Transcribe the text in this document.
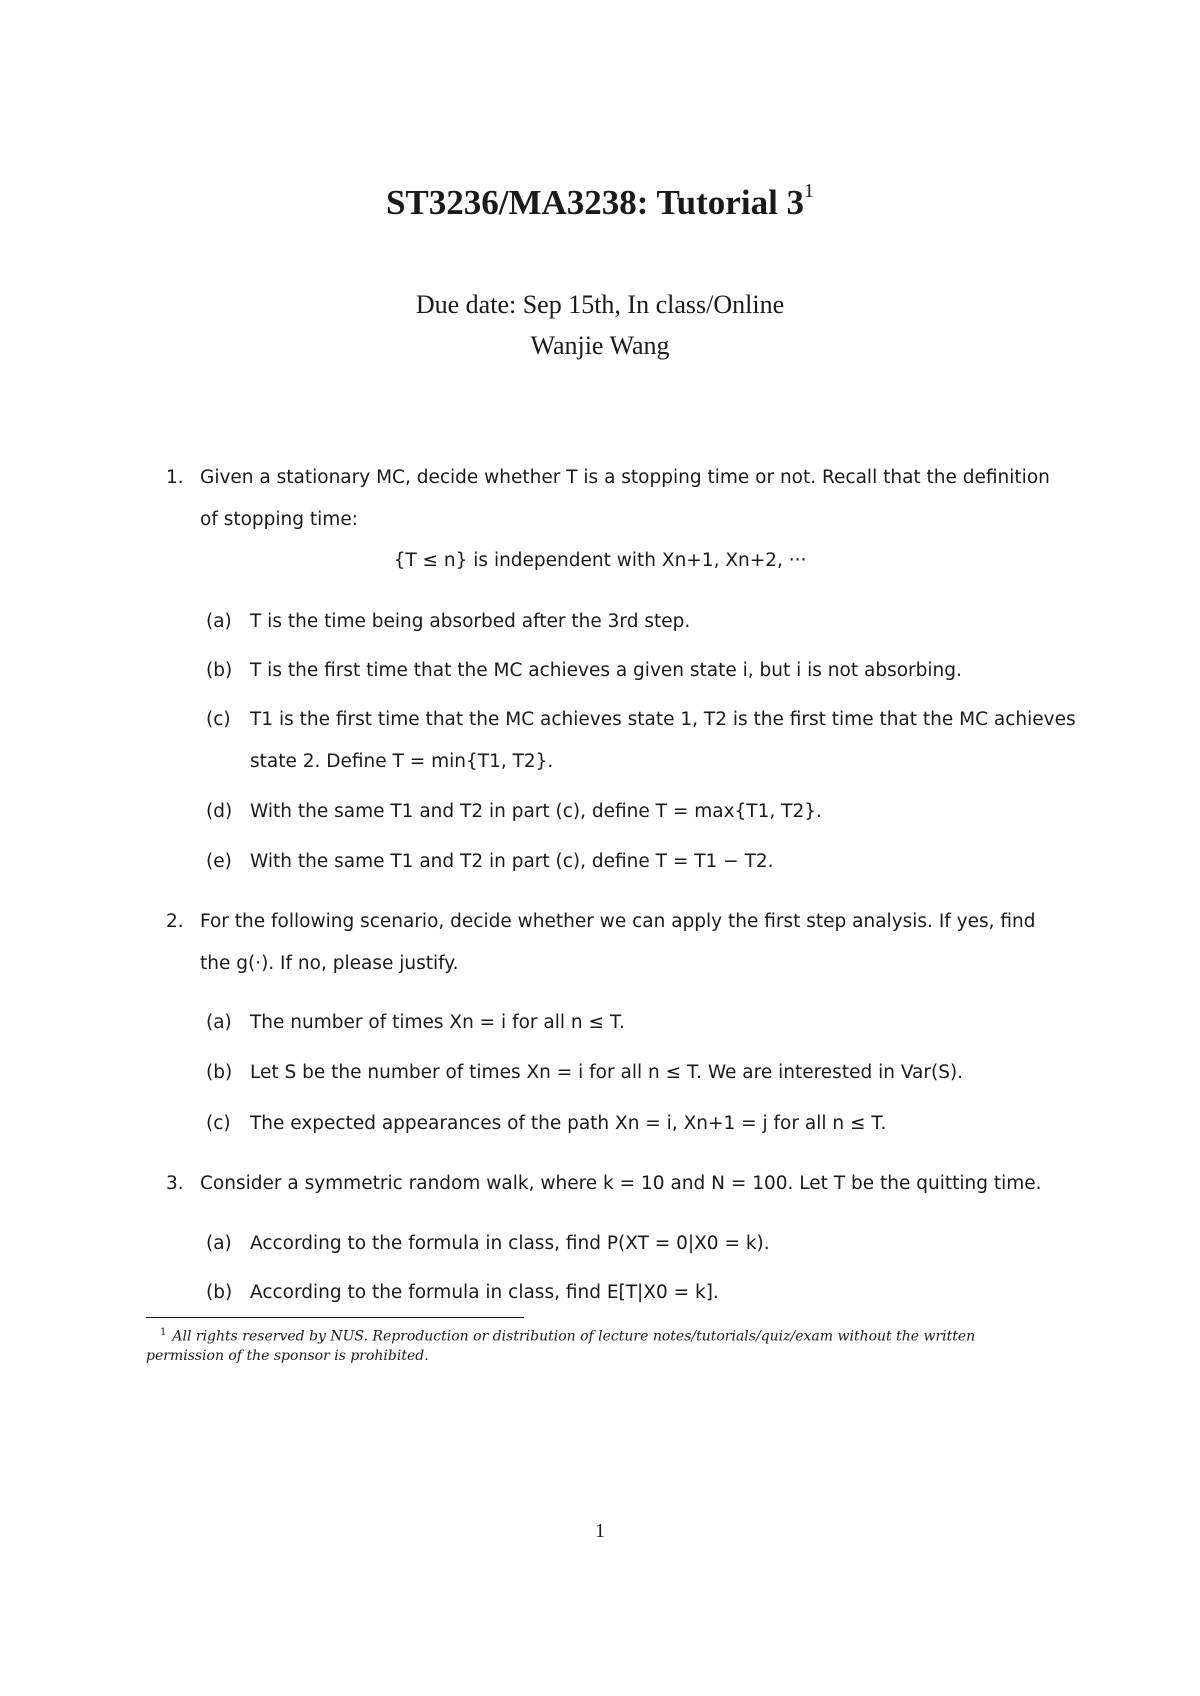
ST3236/MA3238: Tutorial $3^1$
Due date: Sep 15th, In class/Online
Wanjie Wang
1. Given a stationary MC, decide whether T is a stopping time or not. Recall that the definition
of stopping time:
{T ≤ n} is independent with Xn+1, Xn+2, ···
(a) T is the time being absorbed after the 3rd step.
(b) T is the first time that the MC achieves a given state i, but i is not absorbing.
(c) T1 is the first time that the MC achieves state 1, T2 is the first time that the MC achieves
state 2. Define T = min{T1, T2}.
(d) With the same T1 and T2 in part (c), define T = max{T1, T2}.
(e) With the same T1 and T2 in part (c), define T = T1 − T2.
2. For the following scenario, decide whether we can apply the first step analysis. If yes, find
the g(·). If no, please justify.
(a) The number of times Xn = i for all n ≤ T.
(b) Let S be the number of times Xn = i for all n ≤ T. We are interested in Var(S).
(c) The expected appearances of the path Xn = i, Xn+1 = j for all n ≤ T.
3. Consider a symmetric random walk, where k = 10 and N = 100. Let T be the quitting time.
(a) According to the formula in class, find P(XT = 0|X0 = k).
(b) According to the formula in class, find E[T|X0 = k].
$^1$ All rights reserved by NUS. Reproduction or distribution of lecture notes/tutorials/quiz/exam without the written
permission of the sponsor is prohibited.
1
